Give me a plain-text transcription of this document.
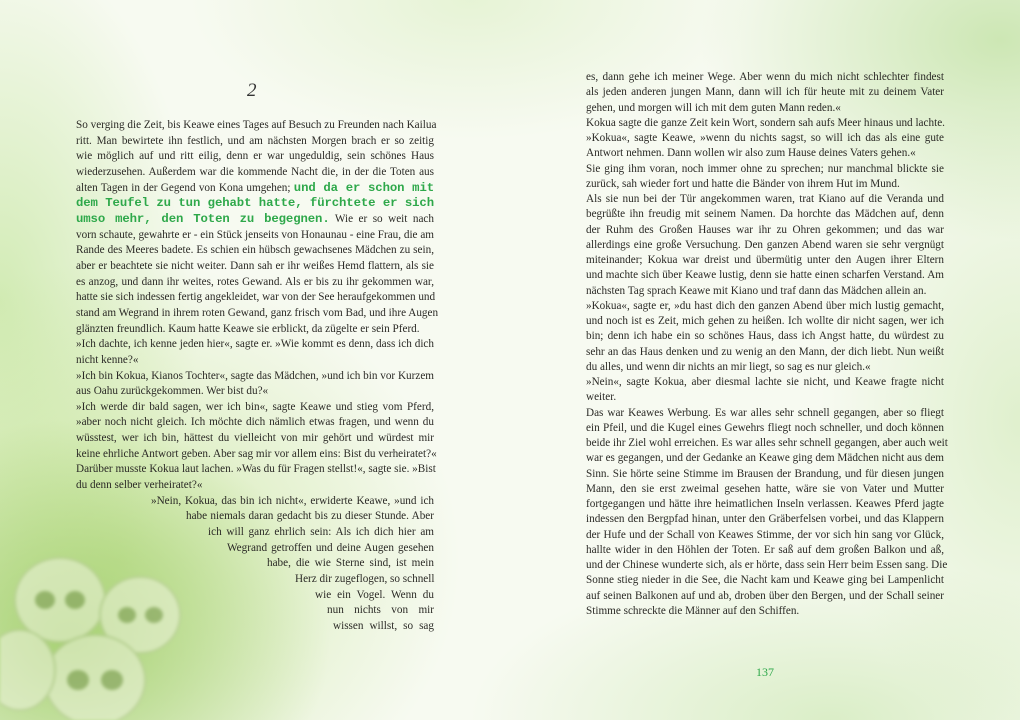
2
So verging die Zeit, bis Keawe eines Tages auf Besuch zu Freunden nach Kailua
ritt. Man bewirtete ihn festlich, und am nächsten Morgen brach er so zeitig
wie möglich auf und ritt eilig, denn er war ungeduldig, sein schönes Haus
wiederzusehen. Außerdem war die kommende Nacht die, in der die Toten aus
alten Tagen in der Gegend von Kona umgehen; und da er schon mit
dem Teufel zu tun gehabt hatte, fürchtete er sich
umso mehr, den Toten zu begegnen. Wie er so weit nach
vorn schaute, gewahrte er - ein Stück jenseits von Honaunau - eine Frau, die am
Rande des Meeres badete. Es schien ein hübsch gewachsenes Mädchen zu sein,
aber er beachtete sie nicht weiter. Dann sah er ihr weißes Hemd flattern, als sie
es anzog, und dann ihr weites, rotes Gewand. Als er bis zu ihr gekommen war,
hatte sie sich indessen fertig angekleidet, war von der See heraufgekommen und
stand am Wegrand in ihrem roten Gewand, ganz frisch vom Bad, und ihre Augen
glänzten freundlich. Kaum hatte Keawe sie erblickt, da zügelte er sein Pferd.
»Ich dachte, ich kenne jeden hier«, sagte er. »Wie kommt es denn, dass ich dich
nicht kenne?«
»Ich bin Kokua, Kianos Tochter«, sagte das Mädchen, »und ich bin vor Kurzem
aus Oahu zurückgekommen. Wer bist du?«
»Ich werde dir bald sagen, wer ich bin«, sagte Keawe und stieg vom Pferd,
»aber noch nicht gleich. Ich möchte dich nämlich etwas fragen, und wenn du
wüsstest, wer ich bin, hättest du vielleicht von mir gehört und würdest mir
keine ehrliche Antwort geben. Aber sag mir vor allem eins: Bist du verheiratet?«
Darüber musste Kokua laut lachen. »Was du für Fragen stellst!«, sagte sie. »Bist
du denn selber verheiratet?«
»Nein, Kokua, das bin ich nicht«, erwiderte Keawe, »und ich
habe niemals daran gedacht bis zu dieser Stunde. Aber
ich will ganz ehrlich sein: Als ich dich hier am
Wegrand getroffen und deine Augen gesehen
habe, die wie Sterne sind, ist mein
Herz dir zugeflogen, so schnell
wie ein Vogel. Wenn du
nun nichts von mir
wissen willst, so sag
es, dann gehe ich meiner Wege. Aber wenn du mich nicht schlechter findest
als jeden anderen jungen Mann, dann will ich für heute mit zu deinem Vater
gehen, und morgen will ich mit dem guten Mann reden.«
Kokua sagte die ganze Zeit kein Wort, sondern sah aufs Meer hinaus und lachte.
»Kokua«, sagte Keawe, »wenn du nichts sagst, so will ich das als eine gute
Antwort nehmen. Dann wollen wir also zum Hause deines Vaters gehen.«
Sie ging ihm voran, noch immer ohne zu sprechen; nur manchmal blickte sie
zurück, sah wieder fort und hatte die Bänder von ihrem Hut im Mund.
Als sie nun bei der Tür angekommen waren, trat Kiano auf die Veranda und
begrüßte ihn freudig mit seinem Namen. Da horchte das Mädchen auf, denn
der Ruhm des Großen Hauses war ihr zu Ohren gekommen; und das war
allerdings eine große Versuchung. Den ganzen Abend waren sie sehr vergnügt
miteinander; Kokua war dreist und übermütig unter den Augen ihrer Eltern
und machte sich über Keawe lustig, denn sie hatte einen scharfen Verstand. Am
nächsten Tag sprach Keawe mit Kiano und traf dann das Mädchen allein an.
»Kokua«, sagte er, »du hast dich den ganzen Abend über mich lustig gemacht,
und noch ist es Zeit, mich gehen zu heißen. Ich wollte dir nicht sagen, wer ich
bin; denn ich habe ein so schönes Haus, dass ich Angst hatte, du würdest zu
sehr an das Haus denken und zu wenig an den Mann, der dich liebt. Nun weißt
du alles, und wenn dir nichts an mir liegt, so sag es nur gleich.«
»Nein«, sagte Kokua, aber diesmal lachte sie nicht, und Keawe fragte nicht
weiter.
Das war Keawes Werbung. Es war alles sehr schnell gegangen, aber so fliegt
ein Pfeil, und die Kugel eines Gewehrs fliegt noch schneller, und doch können
beide ihr Ziel wohl erreichen. Es war alles sehr schnell gegangen, aber auch weit
war es gegangen, und der Gedanke an Keawe ging dem Mädchen nicht aus dem
Sinn. Sie hörte seine Stimme im Brausen der Brandung, und für diesen jungen
Mann, den sie erst zweimal gesehen hatte, wäre sie von Vater und Mutter
fortgegangen und hätte ihre heimatlichen Inseln verlassen. Keawes Pferd jagte
indessen den Bergpfad hinan, unter den Gräberfelsen vorbei, und das Klappern
der Hufe und der Schall von Keawes Stimme, der vor sich hin sang vor Glück,
hallte wider in den Höhlen der Toten. Er saß auf dem großen Balkon und aß,
und der Chinese wunderte sich, als er hörte, dass sein Herr beim Essen sang. Die
Sonne stieg nieder in die See, die Nacht kam und Keawe ging bei Lampenlicht
auf seinen Balkonen auf und ab, droben über den Bergen, und der Schall seiner
Stimme schreckte die Männer auf den Schiffen.
137
